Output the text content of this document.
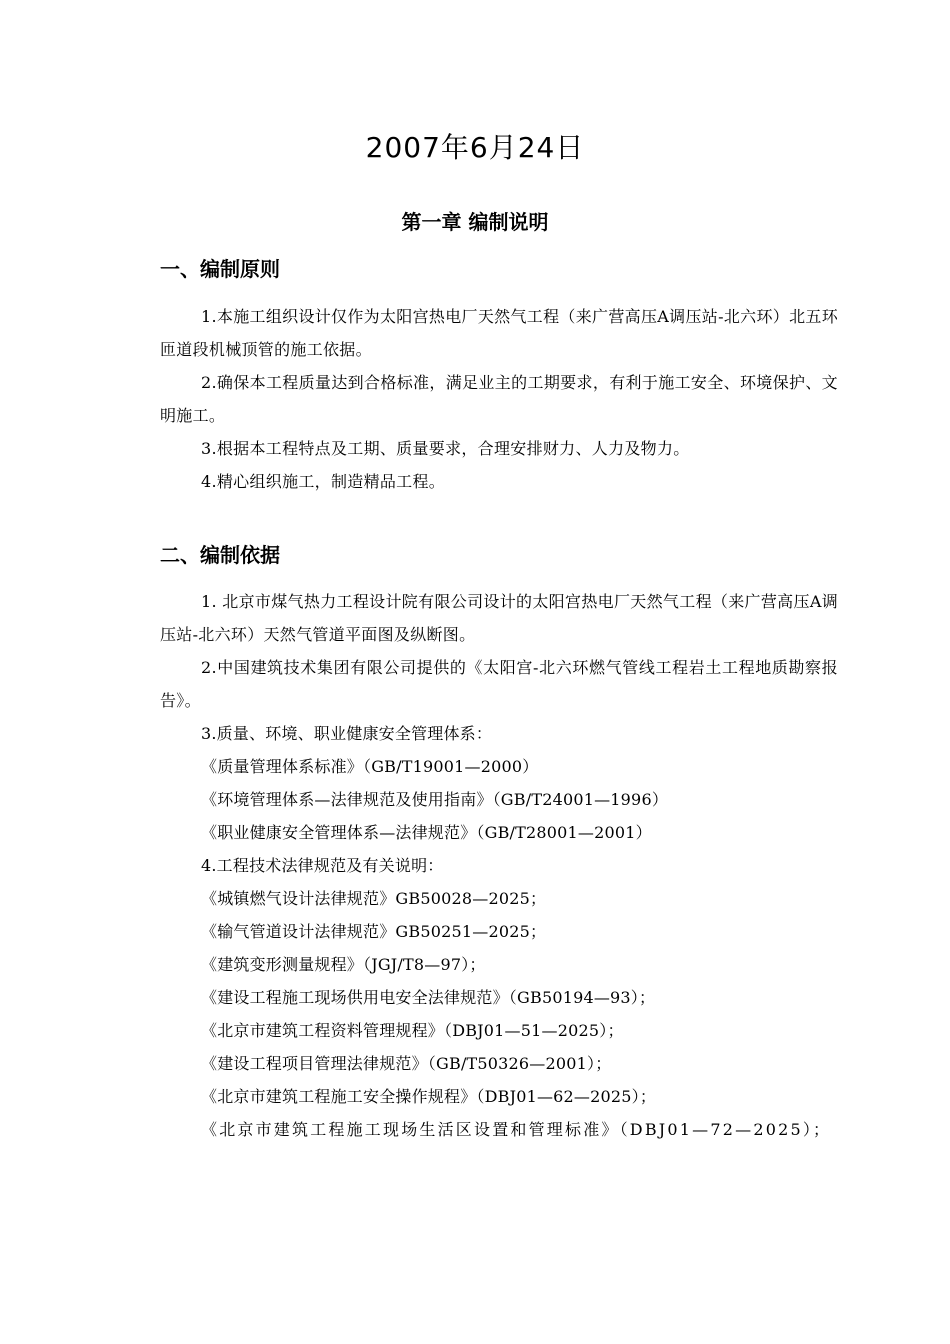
2007年6月24日
第一章 编制说明
一、编制原则

1.本施工组织设计仅作为太阳宫热电厂天然气工程（来广营高压A调压站-北六环）北五环匝道段机械顶管的施工依据。

2.确保本工程质量达到合格标准，满足业主的工期要求，有利于施工安全、环境保护、文明施工。

3.根据本工程特点及工期、质量要求，合理安排财力、人力及物力。

4.精心组织施工，制造精品工程。

二、编制依据

1. 北京市煤气热力工程设计院有限公司设计的太阳宫热电厂天然气工程（来广营高压A调压站-北六环）天然气管道平面图及纵断图。

2.中国建筑技术集团有限公司提供的《太阳宫-北六环燃气管线工程岩土工程地质勘察报告》。

3.质量、环境、职业健康安全管理体系：

《质量管理体系标准》（GB/T19001—2000）

《环境管理体系—法律规范及使用指南》（GB/T24001—1996）

《职业健康安全管理体系—法律规范》（GB/T28001—2001）

4.工程技术法律规范及有关说明：

《城镇燃气设计法律规范》GB50028—2025；

《输气管道设计法律规范》GB50251—2025；

《建筑变形测量规程》（JGJ/T8—97）；

《建设工程施工现场供用电安全法律规范》（GB50194—93）；

《北京市建筑工程资料管理规程》（DBJ01—51—2025）；

《建设工程项目管理法律规范》（GB/T50326—2001）；

《北京市建筑工程施工安全操作规程》（DBJ01—62—2025）；

《北京市建筑工程施工现场生活区设置和管理标准》（DBJ01—72—2025）；
